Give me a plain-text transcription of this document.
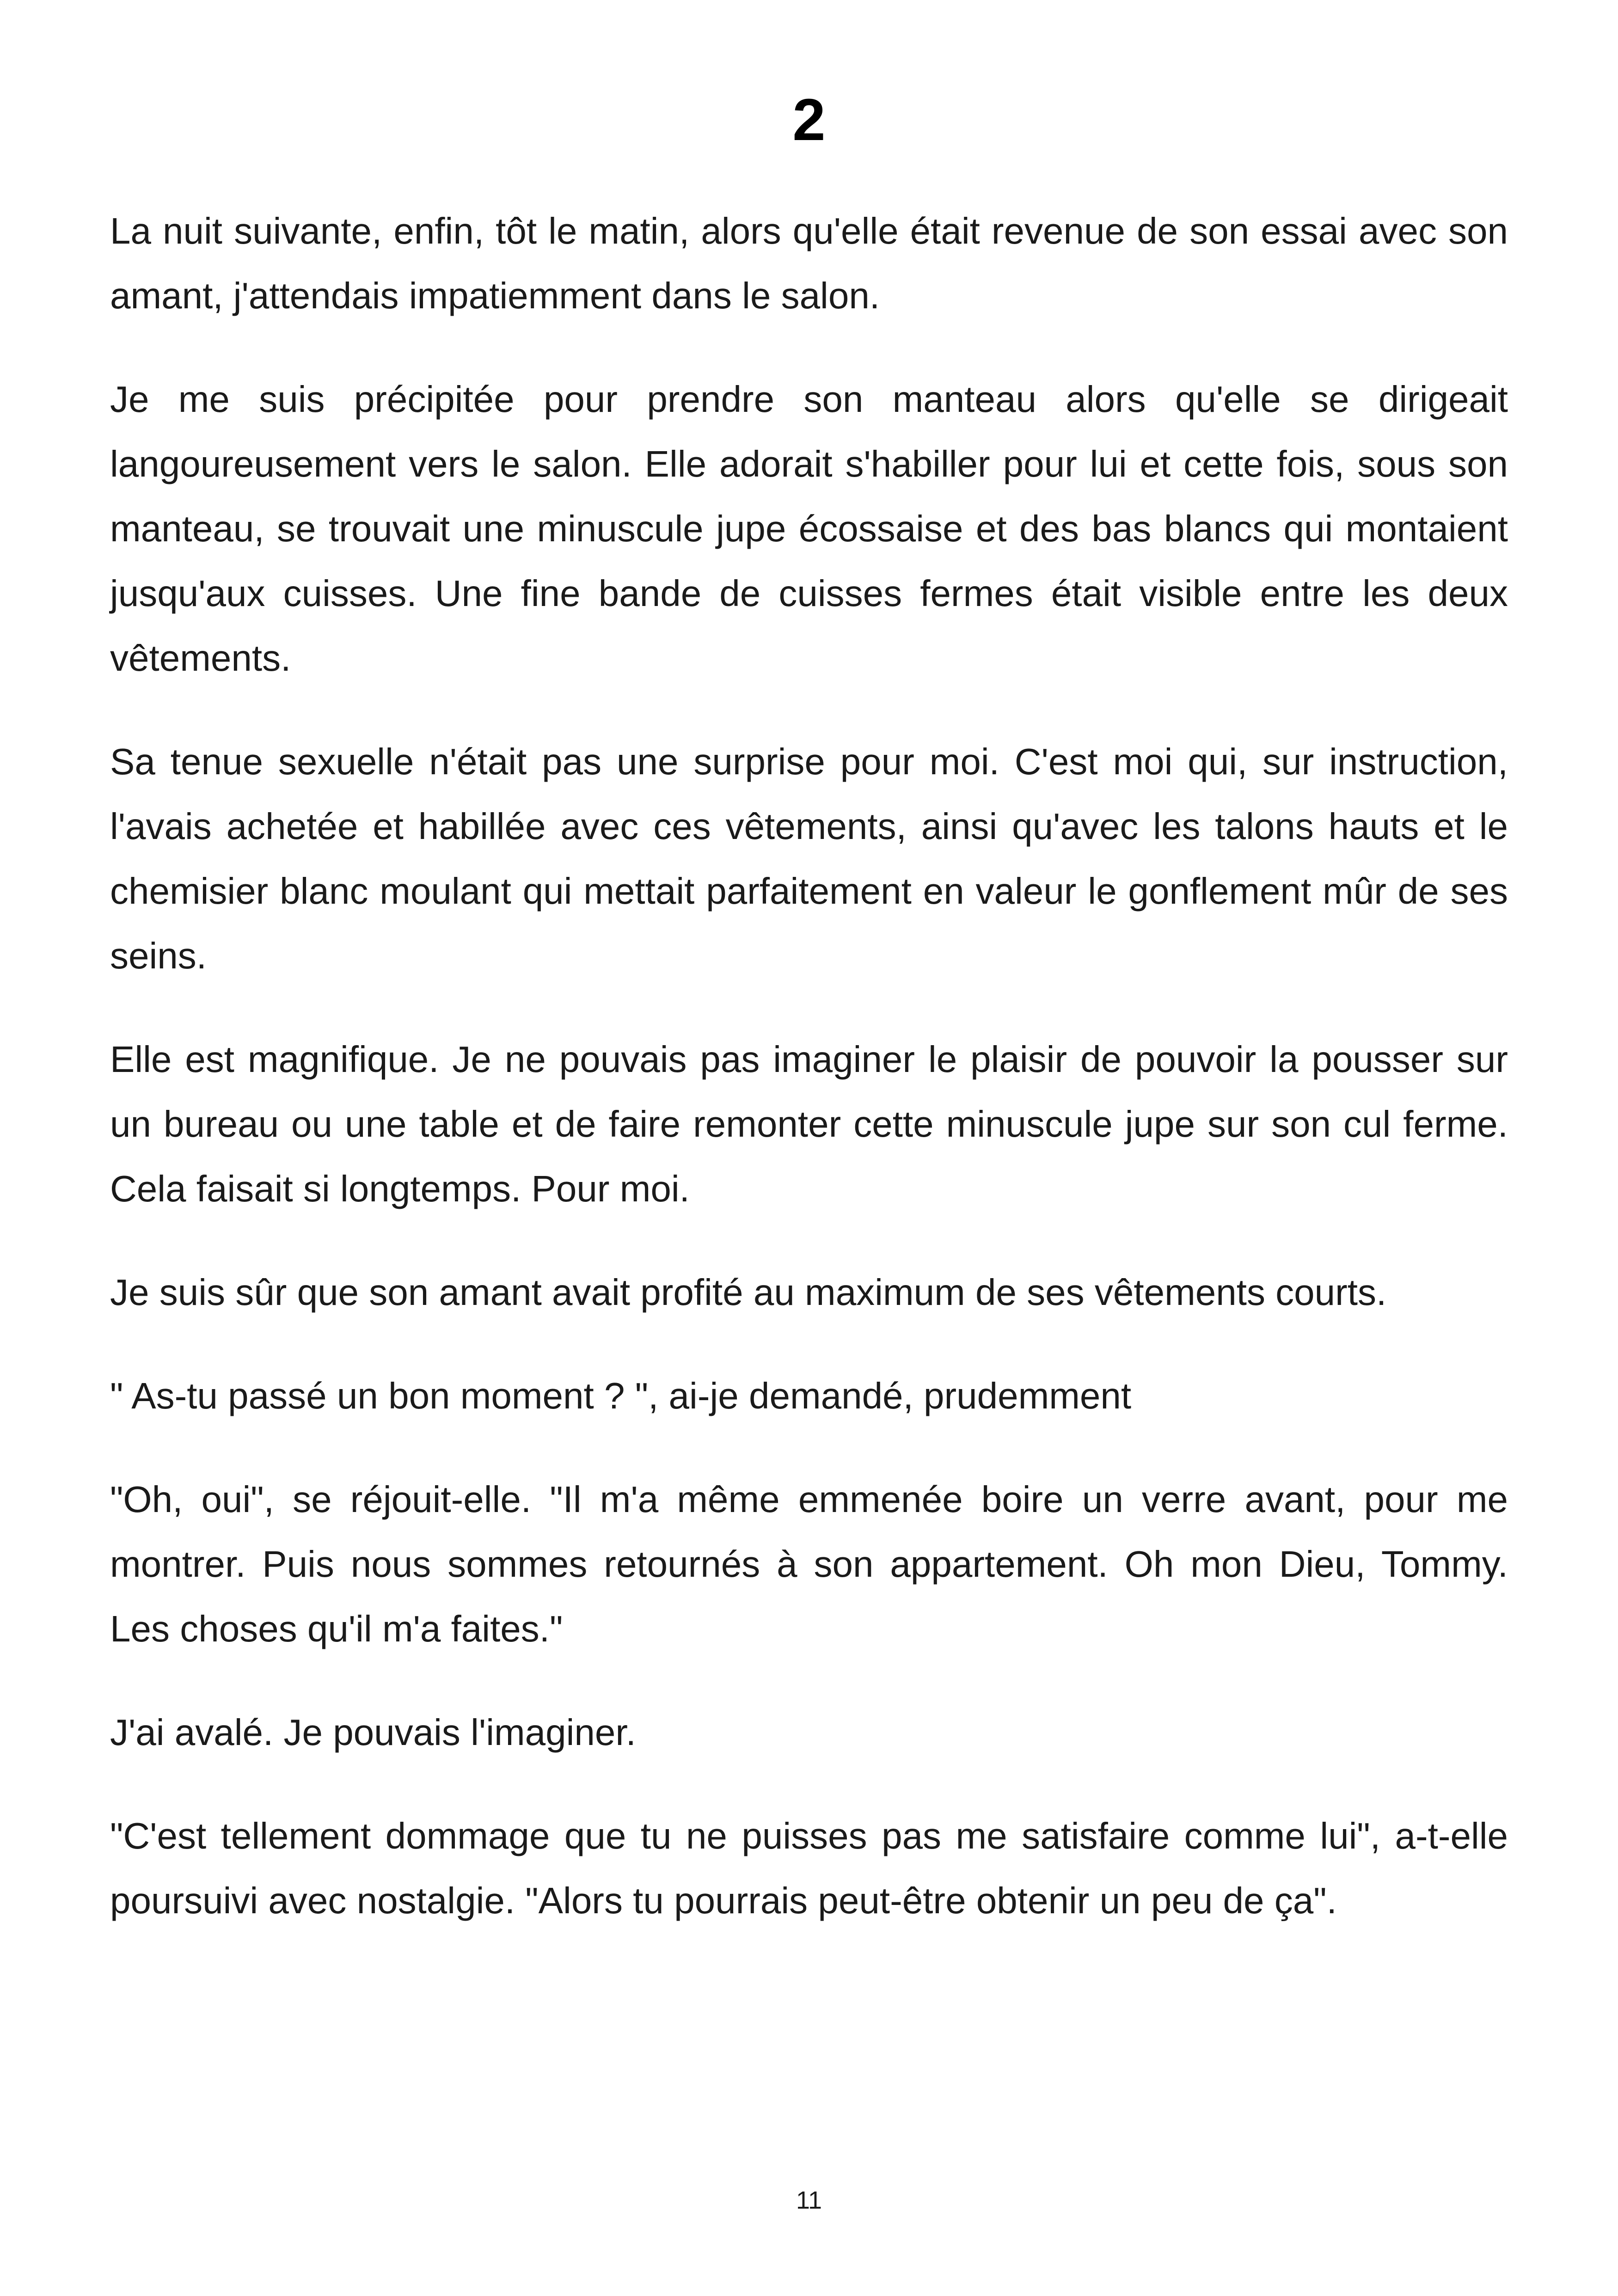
2

La nuit suivante, enfin, tôt le matin, alors qu'elle était revenue de son essai avec son amant, j'attendais impatiemment dans le salon.

Je me suis précipitée pour prendre son manteau alors qu'elle se dirigeait langoureusement vers le salon. Elle adorait s'habiller pour lui et cette fois, sous son manteau, se trouvait une minuscule jupe écossaise et des bas blancs qui montaient jusqu'aux cuisses. Une fine bande de cuisses fermes était visible entre les deux vêtements.

Sa tenue sexuelle n'était pas une surprise pour moi. C'est moi qui, sur instruction, l'avais achetée et habillée avec ces vêtements, ainsi qu'avec les talons hauts et le chemisier blanc moulant qui mettait parfaitement en valeur le gonflement mûr de ses seins.

Elle est magnifique. Je ne pouvais pas imaginer le plaisir de pouvoir la pousser sur un bureau ou une table et de faire remonter cette minuscule jupe sur son cul ferme. Cela faisait si longtemps. Pour moi.

Je suis sûr que son amant avait profité au maximum de ses vêtements courts.

" As-tu passé un bon moment ? ", ai-je demandé, prudemment

"Oh, oui", se réjouit-elle. "Il m'a même emmenée boire un verre avant, pour me montrer. Puis nous sommes retournés à son appartement. Oh mon Dieu, Tommy. Les choses qu'il m'a faites."

J'ai avalé. Je pouvais l'imaginer.

"C'est tellement dommage que tu ne puisses pas me satisfaire comme lui", a-t-elle poursuivi avec nostalgie. "Alors tu pourrais peut-être obtenir un peu de ça".

11
